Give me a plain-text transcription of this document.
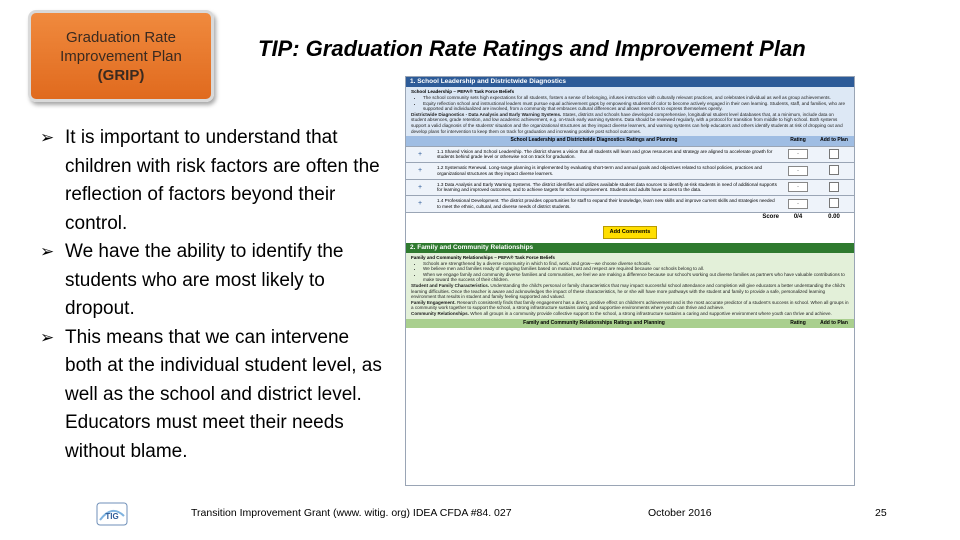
Graduation Rate
Improvement Plan
(GRIP)
TIP: Graduation Rate Ratings and Improvement Plan
➢ It is important to understand that children with risk factors are often the reflection of factors beyond their control.
➢ We have the ability to identify the students who are most likely to dropout.
➢ This means that we can intervene both at the individual student level, as well as the school and district level. Educators must meet their needs without blame.
1. School Leadership and Districtwide Diagnostics
School Leadership – PEFA® Task Force Beliefs
• The school community sets high expectations for all students, fosters a sense of belonging, infuses instruction with culturally relevant practices, and celebrates individual as well as group achievements.
• Equity reflection school and instructional leaders must pursue equal achievement gaps by empowering students of color to become actively engaged in their own learning. Students, staff, and families, who are supported and individualized are involved, from a community that embraces cultural differences and allows members to express themselves openly.
Districtwide Diagnostics - Data Analysis and Early Warning Systems. States, districts and schools have developed comprehensive, longitudinal student level databases that, at a minimum, include data on student absences, grade retention, and low academic achievement, e.g. on-track early warning systems. Data should be reviewed regularly, with a protocol for transition from middle to high school. Both systems support a valid diagnosis of the students' situation and the organizational structures as they impact diverse learners, and warning systems can help educators and others identify students at risk of dropping out and develop plans for intervention to keep them on track for graduation and increasing positive post school outcomes.
School Leadership and Districtwide Diagnostics Ratings and Planning		Rating	Add to Plan
+	1.1 Shared Vision and School Leadership. The district shares a vision that all students will learn and grow resources and strategy are aligned to accelerate growth for students behind grade level or otherwise not on track for graduation.	-	
+	1.2 Systematic Renewal. Long-range planning is implemented by evaluating short-term and annual goals and objectives related to school policies, practices and organizational structures as they impact diverse learners.	-	
+	1.3 Data Analysis and Early Warning Systems. The district identifies and utilizes available student data sources to identify at-risk students in need of additional supports for learning and improved outcomes, and to achieve targets for school improvement. Students and adults have access to the data.	-	
+	1.4 Professional Development. The district provides opportunities for staff to expand their knowledge, learn new skills and improve current skills and strategies needed to meet the ethnic, cultural, and diverse needs of district students.	-	
	Score	0/4	0.00
Add Comments
2. Family and Community Relationships
Family and Community Relationships – PEFA® Task Force Beliefs
• Schools are strengthened by a diverse community in which to find, work, and grow—we choose diverse schools.
• We believe men and families ready of engaging families based on mutual trust and respect are required because our schools belong to all.
• When we engage family and community diverse families and communities, we feel we are making a difference because our school's working out diverse families as partners who have valuable contributions to make toward the success of their children.
Student and Family Characteristics. Understanding the child's personal or family characteristics that may impact successful school attendance and completion will give educators a better understanding the child's learning difficulties. Once the teacher is aware and acknowledges the impact of these characteristics, he or she will have more pathways with the student and family to provide a safe, personalized learning environment that results in student and family feeling supported and valued.
Family Engagement. Research consistently finds that family engagement has a direct, positive effect on children's achievement and is the most accurate predictor of a student's success in school. When all groups in a community work together to support the school, a strong infrastructure sustains caring and supportive environments where youth can thrive and achieve.
Community Relationships. When all groups in a community provide collective support to the school, a strong infrastructure sustains a caring and supportive environment where youth can thrive and achieve.
Family and Community Relationships Ratings and Planning	Rating	Add to Plan
TIG	Transition Improvement Grant (www. witig. org) IDEA CFDA #84. 027	October 2016	25
